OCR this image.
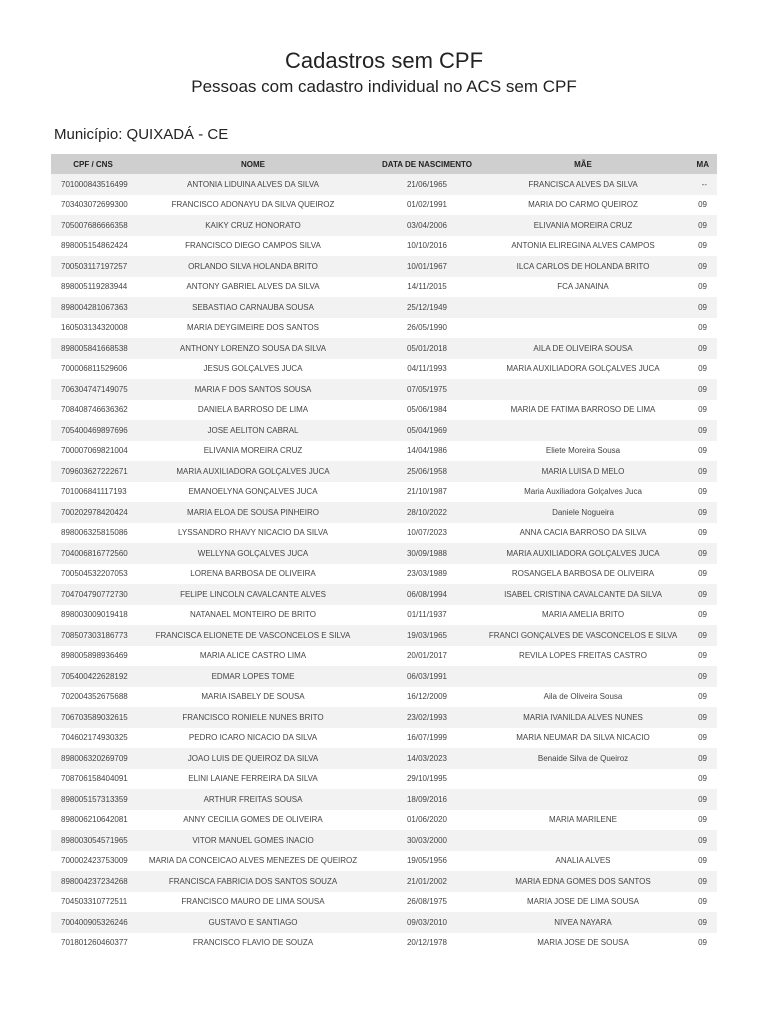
Cadastros sem CPF
Pessoas com cadastro individual no ACS sem CPF
Município: QUIXADÁ - CE
CPF / CNS	NOME	DATA DE NASCIMENTO	MÃE	MA
701000843516499	ANTONIA LIDUINA ALVES DA SILVA	21/06/1965	FRANCISCA ALVES DA SILVA	--
703403072699300	FRANCISCO ADONAYU DA SILVA QUEIROZ	01/02/1991	MARIA DO CARMO QUEIROZ	09
705007686666358	KAIKY CRUZ HONORATO	03/04/2006	ELIVANIA MOREIRA CRUZ	09
898005154862424	FRANCISCO DIEGO CAMPOS SILVA	10/10/2016	ANTONIA ELIREGINA ALVES CAMPOS	09
700503117197257	ORLANDO SILVA HOLANDA BRITO	10/01/1967	ILCA CARLOS DE HOLANDA BRITO	09
898005119283944	ANTONY GABRIEL ALVES DA SILVA	14/11/2015	FCA JANAINA	09
898004281067363	SEBASTIAO CARNAUBA SOUSA	25/12/1949		09
160503134320008	MARIA DEYGIMEIRE DOS SANTOS	26/05/1990		09
898005841668538	ANTHONY LORENZO SOUSA DA SILVA	05/01/2018	AILA DE OLIVEIRA SOUSA	09
700006811529606	JESUS GOLÇALVES JUCA	04/11/1993	MARIA AUXILIADORA GOLÇALVES JUCA	09
706304747149075	MARIA F DOS SANTOS SOUSA	07/05/1975		09
708408746636362	DANIELA BARROSO DE LIMA	05/06/1984	MARIA DE FATIMA BARROSO DE LIMA	09
705400469897696	JOSE AELITON CABRAL	05/04/1969		09
700007069821004	ELIVANIA MOREIRA CRUZ	14/04/1986	Eliete Moreira Sousa	09
709603627222671	MARIA AUXILIADORA GOLÇALVES JUCA	25/06/1958	MARIA LUISA D MELO	09
701006841117193	EMANOELYNA GONÇALVES JUCA	21/10/1987	Maria Auxiliadora Golçalves Juca	09
700202978420424	MARIA ELOA DE SOUSA PINHEIRO	28/10/2022	Daniele Nogueira	09
898006325815086	LYSSANDRO RHAVY NICACIO DA SILVA	10/07/2023	ANNA CACIA BARROSO DA SILVA	09
704006816772560	WELLYNA GOLÇALVES JUCA	30/09/1988	MARIA AUXILIADORA GOLÇALVES JUCA	09
700504532207053	LORENA BARBOSA DE OLIVEIRA	23/03/1989	ROSANGELA BARBOSA DE OLIVEIRA	09
704704790772730	FELIPE LINCOLN CAVALCANTE ALVES	06/08/1994	ISABEL CRISTINA CAVALCANTE DA SILVA	09
898003009019418	NATANAEL MONTEIRO DE BRITO	01/11/1937	MARIA AMELIA BRITO	09
708507303186773	FRANCISCA ELIONETE DE VASCONCELOS E SILVA	19/03/1965	FRANCI GONÇALVES DE VASCONCELOS E SILVA	09
898005898936469	MARIA ALICE CASTRO LIMA	20/01/2017	REVILA LOPES FREITAS CASTRO	09
705400422628192	EDMAR LOPES TOME	06/03/1991		09
702004352675688	MARIA ISABELY DE SOUSA	16/12/2009	Aila de Oliveira Sousa	09
706703589032615	FRANCISCO RONIELE NUNES BRITO	23/02/1993	MARIA IVANILDA ALVES NUNES	09
704602174930325	PEDRO ICARO NICACIO DA SILVA	16/07/1999	MARIA NEUMAR DA SILVA NICACIO	09
898006320269709	JOAO LUIS DE QUEIROZ DA SILVA	14/03/2023	Benaide Silva de Queiroz	09
708706158404091	ELINI LAIANE FERREIRA DA SILVA	29/10/1995		09
898005157313359	ARTHUR FREITAS SOUSA	18/09/2016		09
898006210642081	ANNY CECILIA GOMES DE OLIVEIRA	01/06/2020	MARIA MARILENE	09
898003054571965	VITOR MANUEL GOMES INACIO	30/03/2000		09
700002423753009	MARIA DA CONCEICAO ALVES MENEZES DE QUEIROZ	19/05/1956	ANALIA ALVES	09
898004237234268	FRANCISCA FABRICIA DOS SANTOS SOUZA	21/01/2002	MARIA EDNA GOMES DOS SANTOS	09
704503310772511	FRANCISCO MAURO DE LIMA SOUSA	26/08/1975	MARIA JOSE DE LIMA SOUSA	09
700400905326246	GUSTAVO E SANTIAGO	09/03/2010	NIVEA NAYARA	09
701801260460377	FRANCISCO FLAVIO DE SOUZA	20/12/1978	MARIA JOSE DE SOUSA	09
